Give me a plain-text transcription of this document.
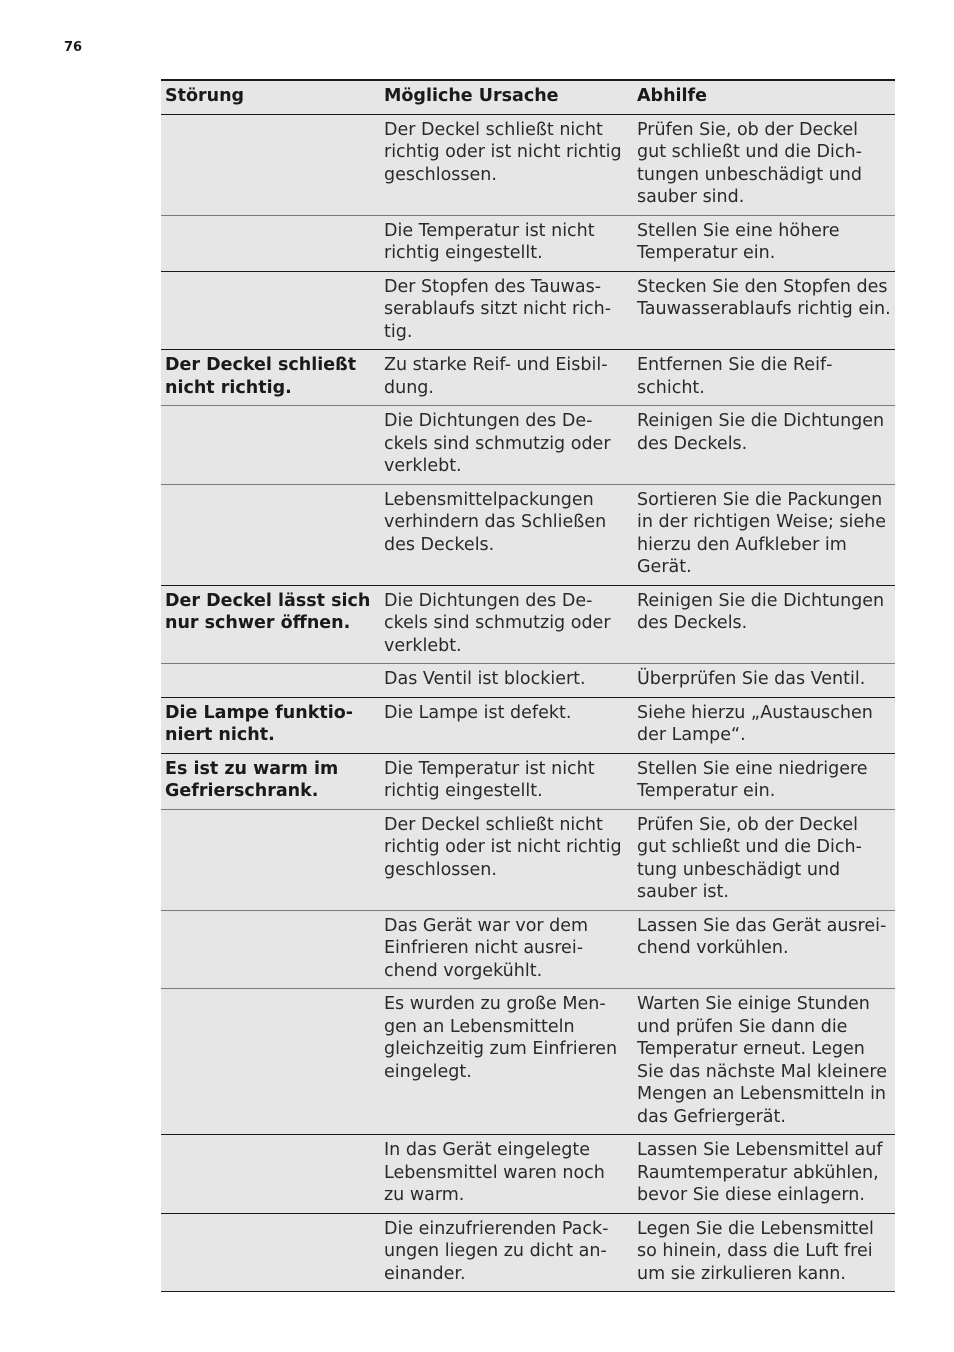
76
Störung	Mögliche Ursache	Abhilfe
	Der Deckel schließt nicht richtig oder ist nicht richtig geschlossen.	Prüfen Sie, ob der Deckel gut schließt und die Dichtungen unbeschädigt und sauber sind.
	Die Temperatur ist nicht richtig eingestellt.	Stellen Sie eine höhere Temperatur ein.
	Der Stopfen des Tauwasserablaufs sitzt nicht richtig.	Stecken Sie den Stopfen des Tauwasserablaufs richtig ein.
Der Deckel schließt nicht richtig.	Zu starke Reif- und Eisbildung.	Entfernen Sie die Reifschicht.
	Die Dichtungen des Deckels sind schmutzig oder verklebt.	Reinigen Sie die Dichtungen des Deckels.
	Lebensmittelpackungen verhindern das Schließen des Deckels.	Sortieren Sie die Packungen in der richtigen Weise; siehe hierzu den Aufkleber im Gerät.
Der Deckel lässt sich nur schwer öffnen.	Die Dichtungen des Deckels sind schmutzig oder verklebt.	Reinigen Sie die Dichtungen des Deckels.
	Das Ventil ist blockiert.	Überprüfen Sie das Ventil.
Die Lampe funktioniert nicht.	Die Lampe ist defekt.	Siehe hierzu „Austauschen der Lampe“.
Es ist zu warm im Gefrierschrank.	Die Temperatur ist nicht richtig eingestellt.	Stellen Sie eine niedrigere Temperatur ein.
	Der Deckel schließt nicht richtig oder ist nicht richtig geschlossen.	Prüfen Sie, ob der Deckel gut schließt und die Dichtung unbeschädigt und sauber ist.
	Das Gerät war vor dem Einfrieren nicht ausreichend vorgekühlt.	Lassen Sie das Gerät ausreichend vorkühlen.
	Es wurden zu große Mengen an Lebensmitteln gleichzeitig zum Einfrieren eingelegt.	Warten Sie einige Stunden und prüfen Sie dann die Temperatur erneut. Legen Sie das nächste Mal kleinere Mengen an Lebensmitteln in das Gefriergerät.
	In das Gerät eingelegte Lebensmittel waren noch zu warm.	Lassen Sie Lebensmittel auf Raumtemperatur abkühlen, bevor Sie diese einlagern.
	Die einzufrierenden Packungen liegen zu dicht aneinander.	Legen Sie die Lebensmittel so hinein, dass die Luft frei um sie zirkulieren kann.
